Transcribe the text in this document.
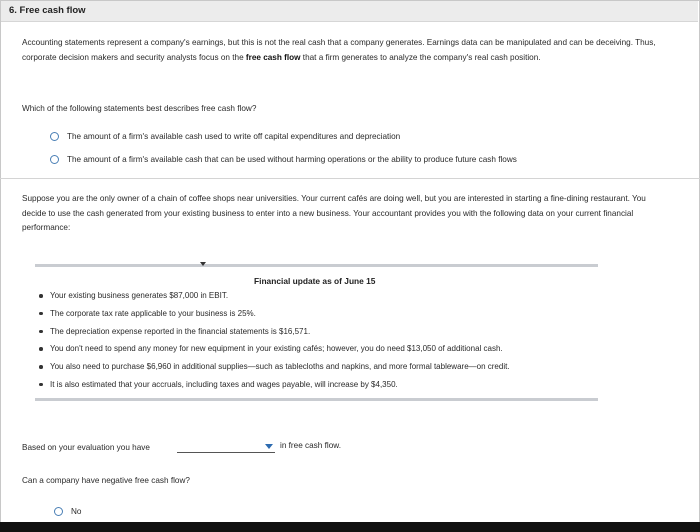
6. Free cash flow
Accounting statements represent a company's earnings, but this is not the real cash that a company generates. Earnings data can be manipulated and can be deceiving. Thus, corporate decision makers and security analysts focus on the free cash flow that a firm generates to analyze the company's real cash position.
Which of the following statements best describes free cash flow?
The amount of a firm's available cash used to write off capital expenditures and depreciation
The amount of a firm's available cash that can be used without harming operations or the ability to produce future cash flows
Suppose you are the only owner of a chain of coffee shops near universities. Your current cafés are doing well, but you are interested in starting a fine-dining restaurant. You decide to use the cash generated from your existing business to enter into a new business. Your accountant provides you with the following data on your current financial performance:
Financial update as of June 15
Your existing business generates $87,000 in EBIT.
The corporate tax rate applicable to your business is 25%.
The depreciation expense reported in the financial statements is $16,571.
You don't need to spend any money for new equipment in your existing cafés; however, you do need $13,050 of additional cash.
You also need to purchase $6,960 in additional supplies—such as tablecloths and napkins, and more formal tableware—on credit.
It is also estimated that your accruals, including taxes and wages payable, will increase by $4,350.
Based on your evaluation you have	in free cash flow.
Can a company have negative free cash flow?
No
